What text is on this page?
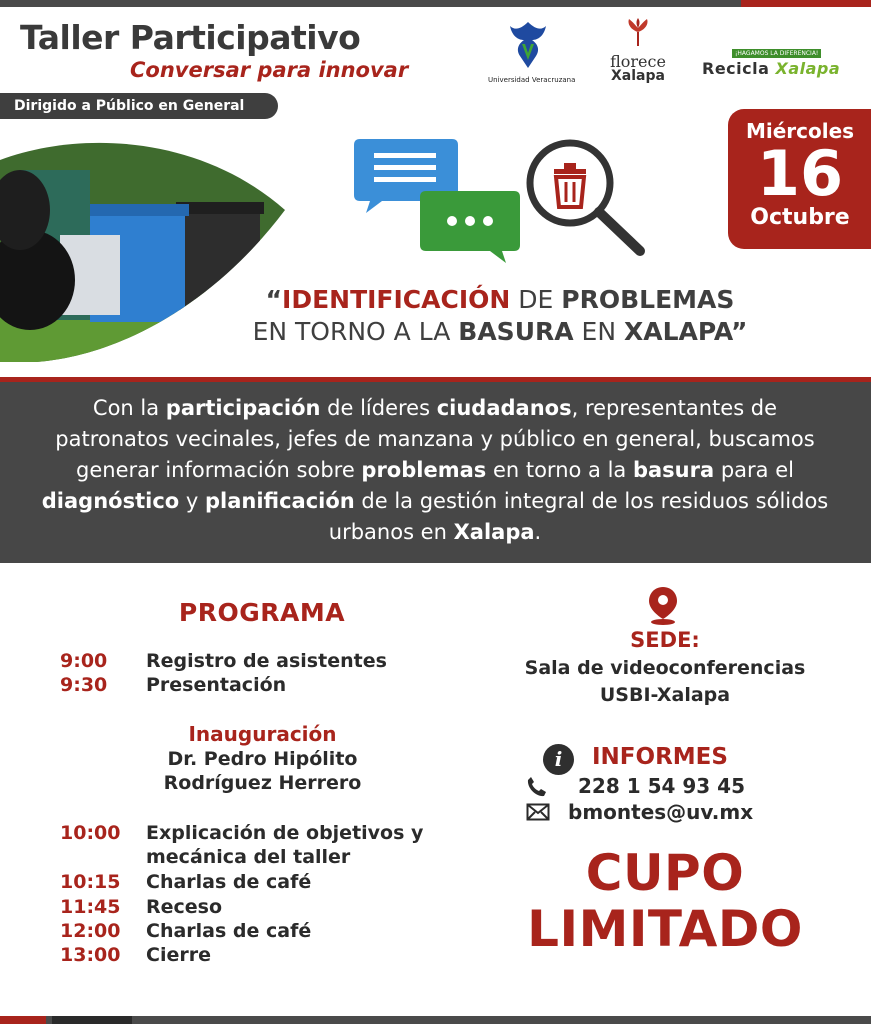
Taller Participativo
Conversar para innovar
Dirigido a Público en General
Universidad Veracruzana
florece
Xalapa
¡HAGAMOS LA DIFERENCIA!
Recicla Xalapa
Miércoles
16
Octubre
“IDENTIFICACIÓN DE PROBLEMAS
EN TORNO A LA BASURA EN XALAPA”
Con la participación de líderes ciudadanos, representantes de patronatos vecinales, jefes de manzana y público en general, buscamos generar información sobre problemas en torno a la basura para el diagnóstico y planificación de la gestión integral de los residuos sólidos urbanos en Xalapa.
PROGRAMA
9:00 Registro de asistentes
9:30 Presentación
Inauguración
Dr. Pedro Hipólito
Rodríguez Herrero
10:00 Explicación de objetivos y
mecánica del taller
10:15 Charlas de café
11:45 Receso
12:00 Charlas de café
13:00 Cierre
SEDE:
Sala de videoconferencias
USBI-Xalapa
i	INFORMES
228 1 54 93 45
bmontes@uv.mx
CUPO
LIMITADO
